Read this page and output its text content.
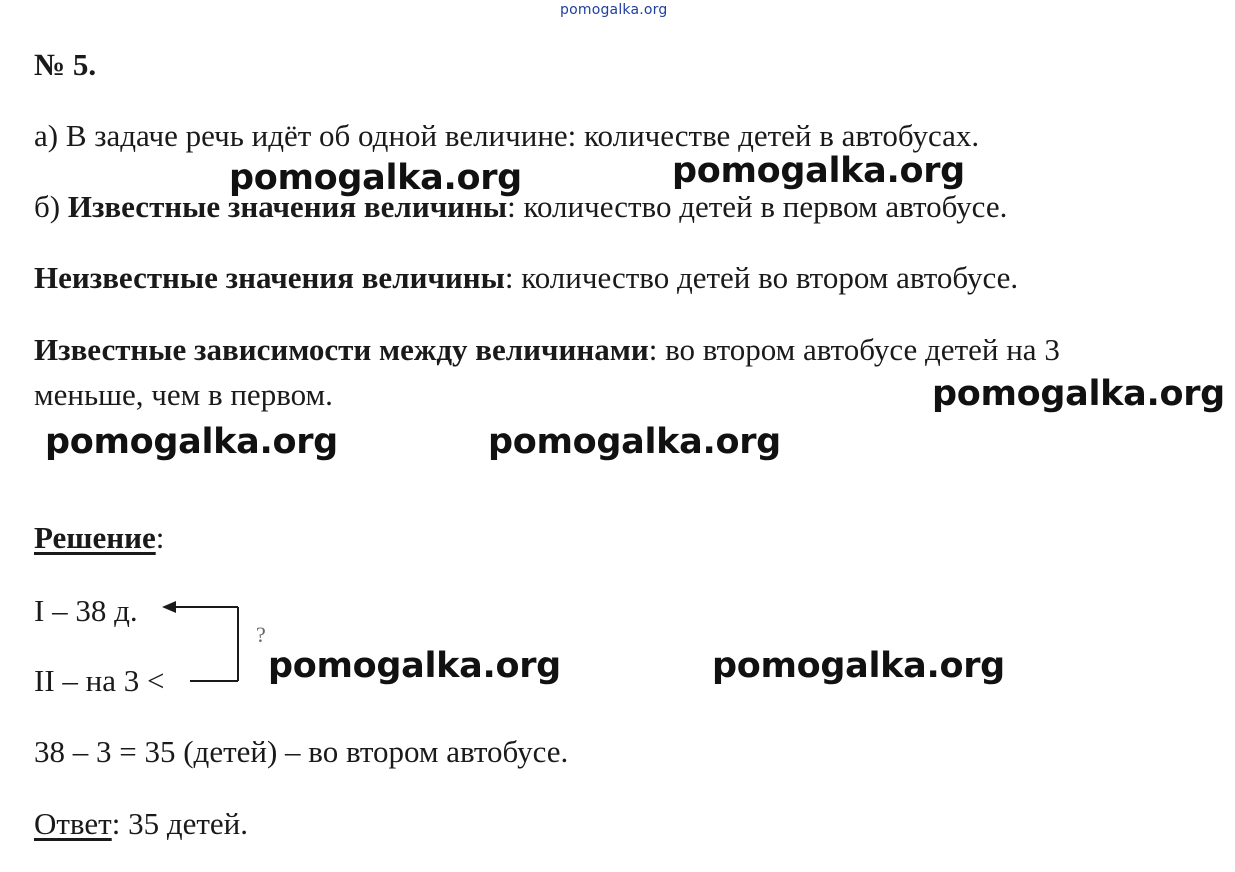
pomogalka.org
№ 5.
а) В задаче речь идёт об одной величине: количестве детей в автобусах.
б) Известные значения величины: количество детей в первом автобусе.
Неизвестные значения величины: количество детей во втором автобусе.
Известные зависимости между величинами: во втором автобусе детей на 3
меньше, чем в первом.
Решение:
I – 38 д.
II – на 3 <
?
38 – 3 = 35 (детей) – во втором автобусе.
Ответ: 35 детей.
pomogalka.org	pomogalka.org
pomogalka.org
pomogalka.org	pomogalka.org
pomogalka.org	pomogalka.org
